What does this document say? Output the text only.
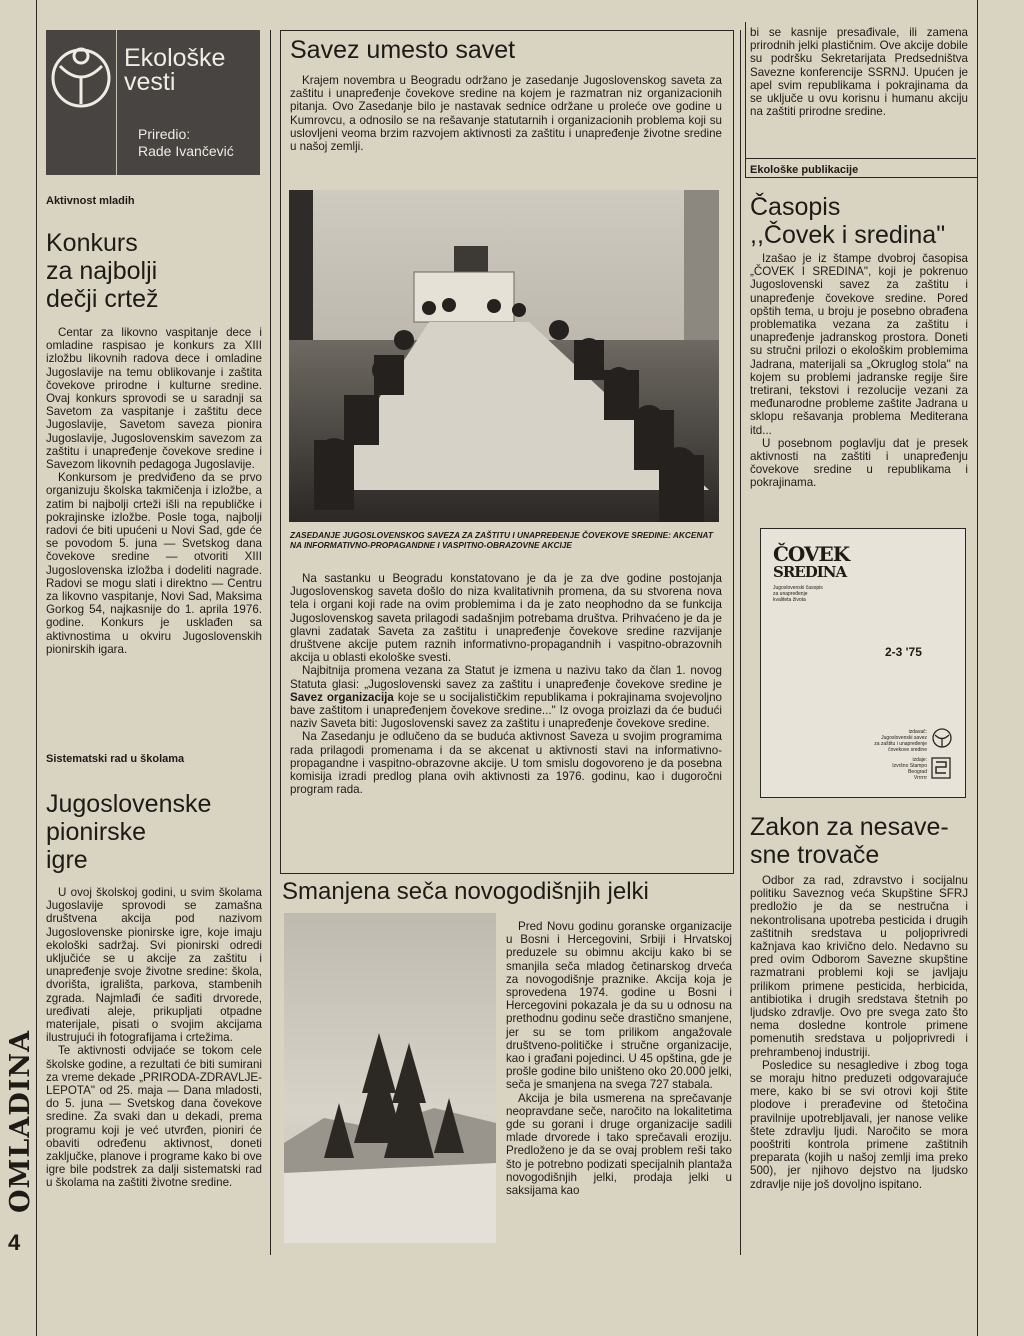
OMLADINA
4
Ekološke
vesti
Priredio:
Rade Ivančević
Aktivnost mladih
Konkurs
za najbolji
dečji crtež

Centar za likovno vaspitanje dece i omladine raspisao je konkurs za XIII izložbu likovnih radova dece i omladine Jugoslavije na temu oblikovanje i zaštita čovekove prirodne i kulturne sredine. Ovaj konkurs sprovodi se u saradnji sa Savetom za vaspitanje i zaštitu dece Jugoslavije, Savetom saveza pionira Jugoslavije, Jugoslovenskim savezom za zaštitu i unapređenje čovekove sredine i Savezom likovnih pedagoga Jugoslavije.

Konkursom je predviđeno da se prvo organizuju školska takmičenja i izložbe, a zatim bi najbolji crteži išli na republičke i pokrajinske izložbe. Posle toga, najbolji radovi će biti upućeni u Novi Sad, gde će se povodom 5. juna — Svetskog dana čovekove sredine — otvoriti XIII Jugoslovenska izložba i dodeliti nagrade. Radovi se mogu slati i direktno — Centru za likovno vaspitanje, Novi Sad, Maksima Gorkog 54, najkasnije do 1. aprila 1976. godine. Konkurs je usklađen sa aktivnostima u okviru Jugoslovenskih pionirskih igara.

Sistematski rad u školama
Jugoslovenske
pionirske
igre

U ovoj školskoj godini, u svim školama Jugoslavije sprovodi se zamašna društvena akcija pod nazivom Jugoslovenske pionirske igre, koje imaju ekološki sadržaj. Svi pionirski odredi uključiće se u akcije za zaštitu i unapređenje svoje životne sredine: škola, dvorišta, igrališta, parkova, stambenih zgrada. Najmlađi će sađiti drvorede, uređivati aleje, prikupljati otpadne materijale, pisati o svojim akcijama ilustrujući ih fotografijama i crtežima.

Te aktivnosti odvijaće se tokom cele školske godine, a rezultati će biti sumirani za vreme dekade „PRIRODA-ZDRAVLJE-LEPOTA" od 25. maja — Dana mladosti, do 5. juna — Svetskog dana čovekove sredine. Za svaki dan u dekadi, prema programu koji je već utvrđen, pioniri će obaviti određenu aktivnost, doneti zaključke, planove i programe kako bi ove igre bile podstrek za dalji sistematski rad u školama na zaštiti životne sredine.

Savez umesto savet
Krajem novembra u Beogradu održano je zasedanje Jugoslovenskog saveta za zaštitu i unapređenje čovekove sredine na kojem je razmatran niz organizacionih pitanja. Ovo Zasedanje bilo je nastavak sednice održane u proleće ove godine u Kumrovcu, a odnosilo se na rešavanje statutarnih i organizacionih problema koji su uslovljeni veoma brzim razvojem aktivnosti za zaštitu i unapređenje životne sredine u našoj zemlji.
ZASEDANJE JUGOSLOVENSKOG SAVEZA ZA ZAŠTITU I UNAPREĐENJE ČOVEKOVE SREDINE: AKCENAT NA INFORMATIVNO-PROPAGANDNE I VASPITNO-OBRAZOVNE AKCIJE

Na sastanku u Beogradu konstatovano je da je za dve godine postojanja Jugoslovenskog saveta došlo do niza kvalitativnih promena, da su stvorena nova tela i organi koji rade na ovim problemima i da je zato neophodno da se funkcija Jugoslovenskog saveta prilagodi sadašnjim potrebama društva. Prihvaćeno je da je glavni zadatak Saveta za zaštitu i unapređenje čovekove sredine razvijanje društvene akcije putem raznih informativno-propagandnih i vaspitno-obrazovnih akcija u oblasti ekološke svesti.

Najbitnija promena vezana za Statut je izmena u nazivu tako da član 1. novog Statuta glasi: „Jugoslovenski savez za zaštitu i unapređenje čovekove sredine je Savez organizacija koje se u socijalističkim republikama i pokrajinama svojevoljno bave zaštitom i unapređenjem čovekove sredine..." Iz ovoga proizlazi da će budući naziv Saveta biti: Jugoslovenski savez za zaštitu i unapređenje čovekove sredine.

Na Zasedanju je odlučeno da se buduća aktivnost Saveza u svojim programima rada prilagodi promenama i da se akcenat u aktivnosti stavi na informativno-propagandne i vaspitno-obrazovne akcije. U tom smislu dogovoreno je da posebna komisija izradi predlog plana ovih aktivnosti za 1976. godinu, kao i dugoročni program rada.

Smanjena seča novogodišnjih jelki

Pred Novu godinu goranske organizacije u Bosni i Hercegovini, Srbiji i Hrvatskoj preduzele su obimnu akciju kako bi se smanjila seča mladog četinarskog drveća za novogodišnje praznike. Akcija koja je sprovedena 1974. godine u Bosni i Hercegovini pokazala je da su u odnosu na prethodnu godinu seče drastično smanjene, jer su se tom prilikom angažovale društveno-političke i stručne organizacije, kao i građani pojedinci. U 45 opština, gde je prošle godine bilo uništeno oko 20.000 jelki, seča je smanjena na svega 727 stabala.

Akcija je bila usmerena na sprečavanje neopravdane seče, naročito na lokalitetima gde su gorani i druge organizacije sadili mlade drvorede i tako sprečavali eroziju. Predloženo je da se ovaj problem reši tako što je potrebno podizati specijalnih plantaža novogodišnjih jelki, prodaja jelki u saksijama kao

bi se kasnije presađivale, ili zamena prirodnih jelki plastičnim. Ove akcije dobile su podršku Sekretarijata Predsedništva Savezne konferencije SSRNJ. Upućen je apel svim republikama i pokrajinama da se uključe u ovu korisnu i humanu akciju na zaštiti prirodne sredine.
Ekološke publikacije
Časopis
,,Čovek i sredina"

Izašao je iz štampe dvobroj časopisa „ČOVEK I SREDINA", koji je pokrenuo Jugoslovenski savez za zaštitu i unapređenje čovekove sredine. Pored opštih tema, u broju je posebno obrađena problematika vezana za zaštitu i unapređenje jadranskog prostora. Doneti su stručni prilozi o ekološkim problemima Jadrana, materijali sa „Okruglog stola" na kojem su problemi jadranske regije šire tretirani, tekstovi i rezolucije vezani za međunarodne probleme zaštite Jadrana u sklopu rešavanja problema Mediterana itd...

U posebnom poglavlju dat je presek aktivnosti na zaštiti i unapređenju čovekove sredine u republikama i pokrajinama.

ČOVEK
SREDINA
Jugoslovenski časopis
za unapređenje
kvaliteta života
2-3 '75
izdavač:
Jugoslovenski savez
za zaštitu i unapređenje
čovekove sredine
izdaje:
Izvršno Stampo
Beograd
Vrrrrrr
Zakon za nesave-
sne trovače

Odbor za rad, zdravstvo i socijalnu politiku Saveznog veća Skupštine SFRJ predložio je da se nestručna i nekontrolisana upotreba pesticida i drugih zaštitnih sredstava u poljoprivredi kažnjava kao krivično delo. Nedavno su pred ovim Odborom Savezne skupštine razmatrani problemi koji se javljaju prilikom primene pesticida, herbicida, antibiotika i drugih sredstava štetnih po ljudsko zdravlje. Ovo pre svega zato što nema dosledne kontrole primene pomenutih sredstava u poljoprivredi i prehrambenoj industriji.

Posledice su nesagledive i zbog toga se moraju hitno preduzeti odgovarajuće mere, kako bi se svi otrovi koji štite plodove i prerađevine od štetočina pravilnije upotrebljavali, jer nanose velike štete zdravlju ljudi. Naročito se mora pooštriti kontrola primene zaštitnih preparata (kojih u našoj zemlji ima preko 500), jer njihovo dejstvo na ljudsko zdravlje nije još dovoljno ispitano.
